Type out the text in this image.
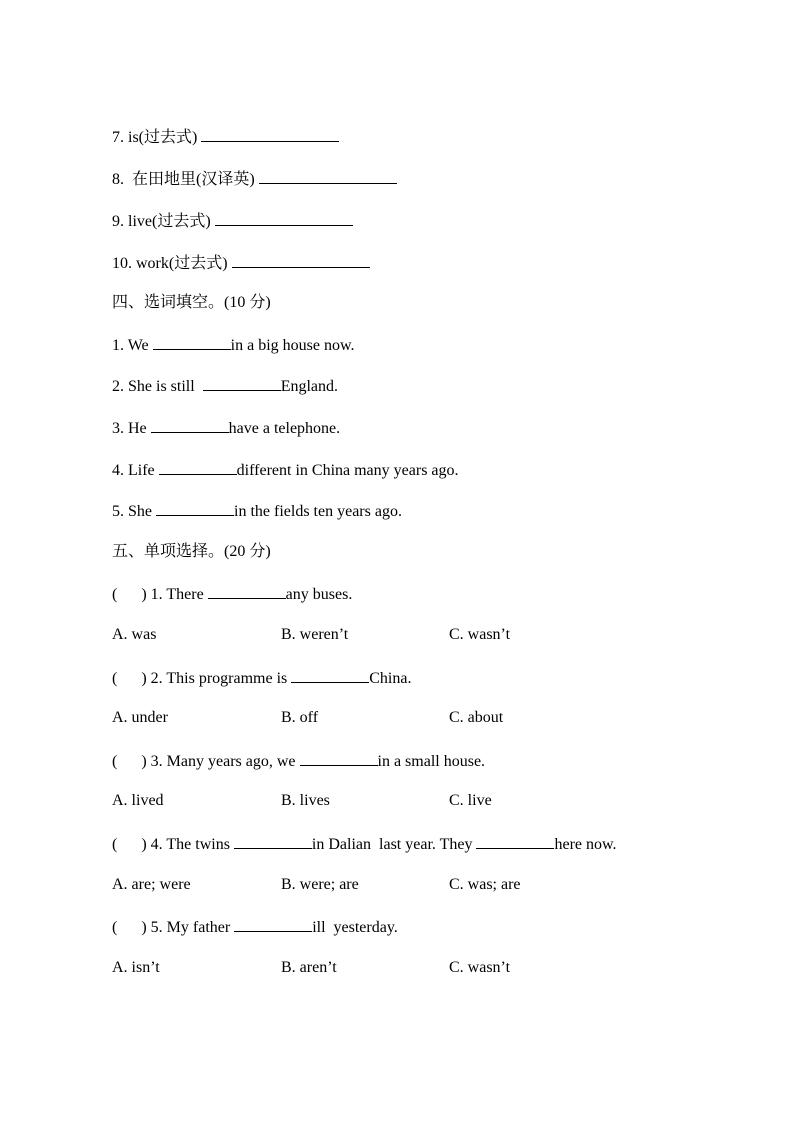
7. is(过去式)
8.  在田地里(汉译英)
9. live(过去式)
10. work(过去式)
四、选词填空。(10 分)
1. We	in a big house now.
2. She is still	England.
3. He	have a telephone.
4. Life	different in China many years ago.
5. She	in the fields ten years ago.
五、单项选择。(20 分)
(      ) 1. There	any buses.
A. was	B. weren’t	C. wasn’t
(      ) 2. This programme is	China.
A. under	B. off	C. about
(      ) 3. Many years ago, we	in a small house.
A. lived	B. lives	C. live
(      ) 4. The twins	in Dalian  last year. They	here now.
A. are; were	B. were; are	C. was; are
(      ) 5. My father	ill  yesterday.
A. isn’t	B. aren’t	C. wasn’t
